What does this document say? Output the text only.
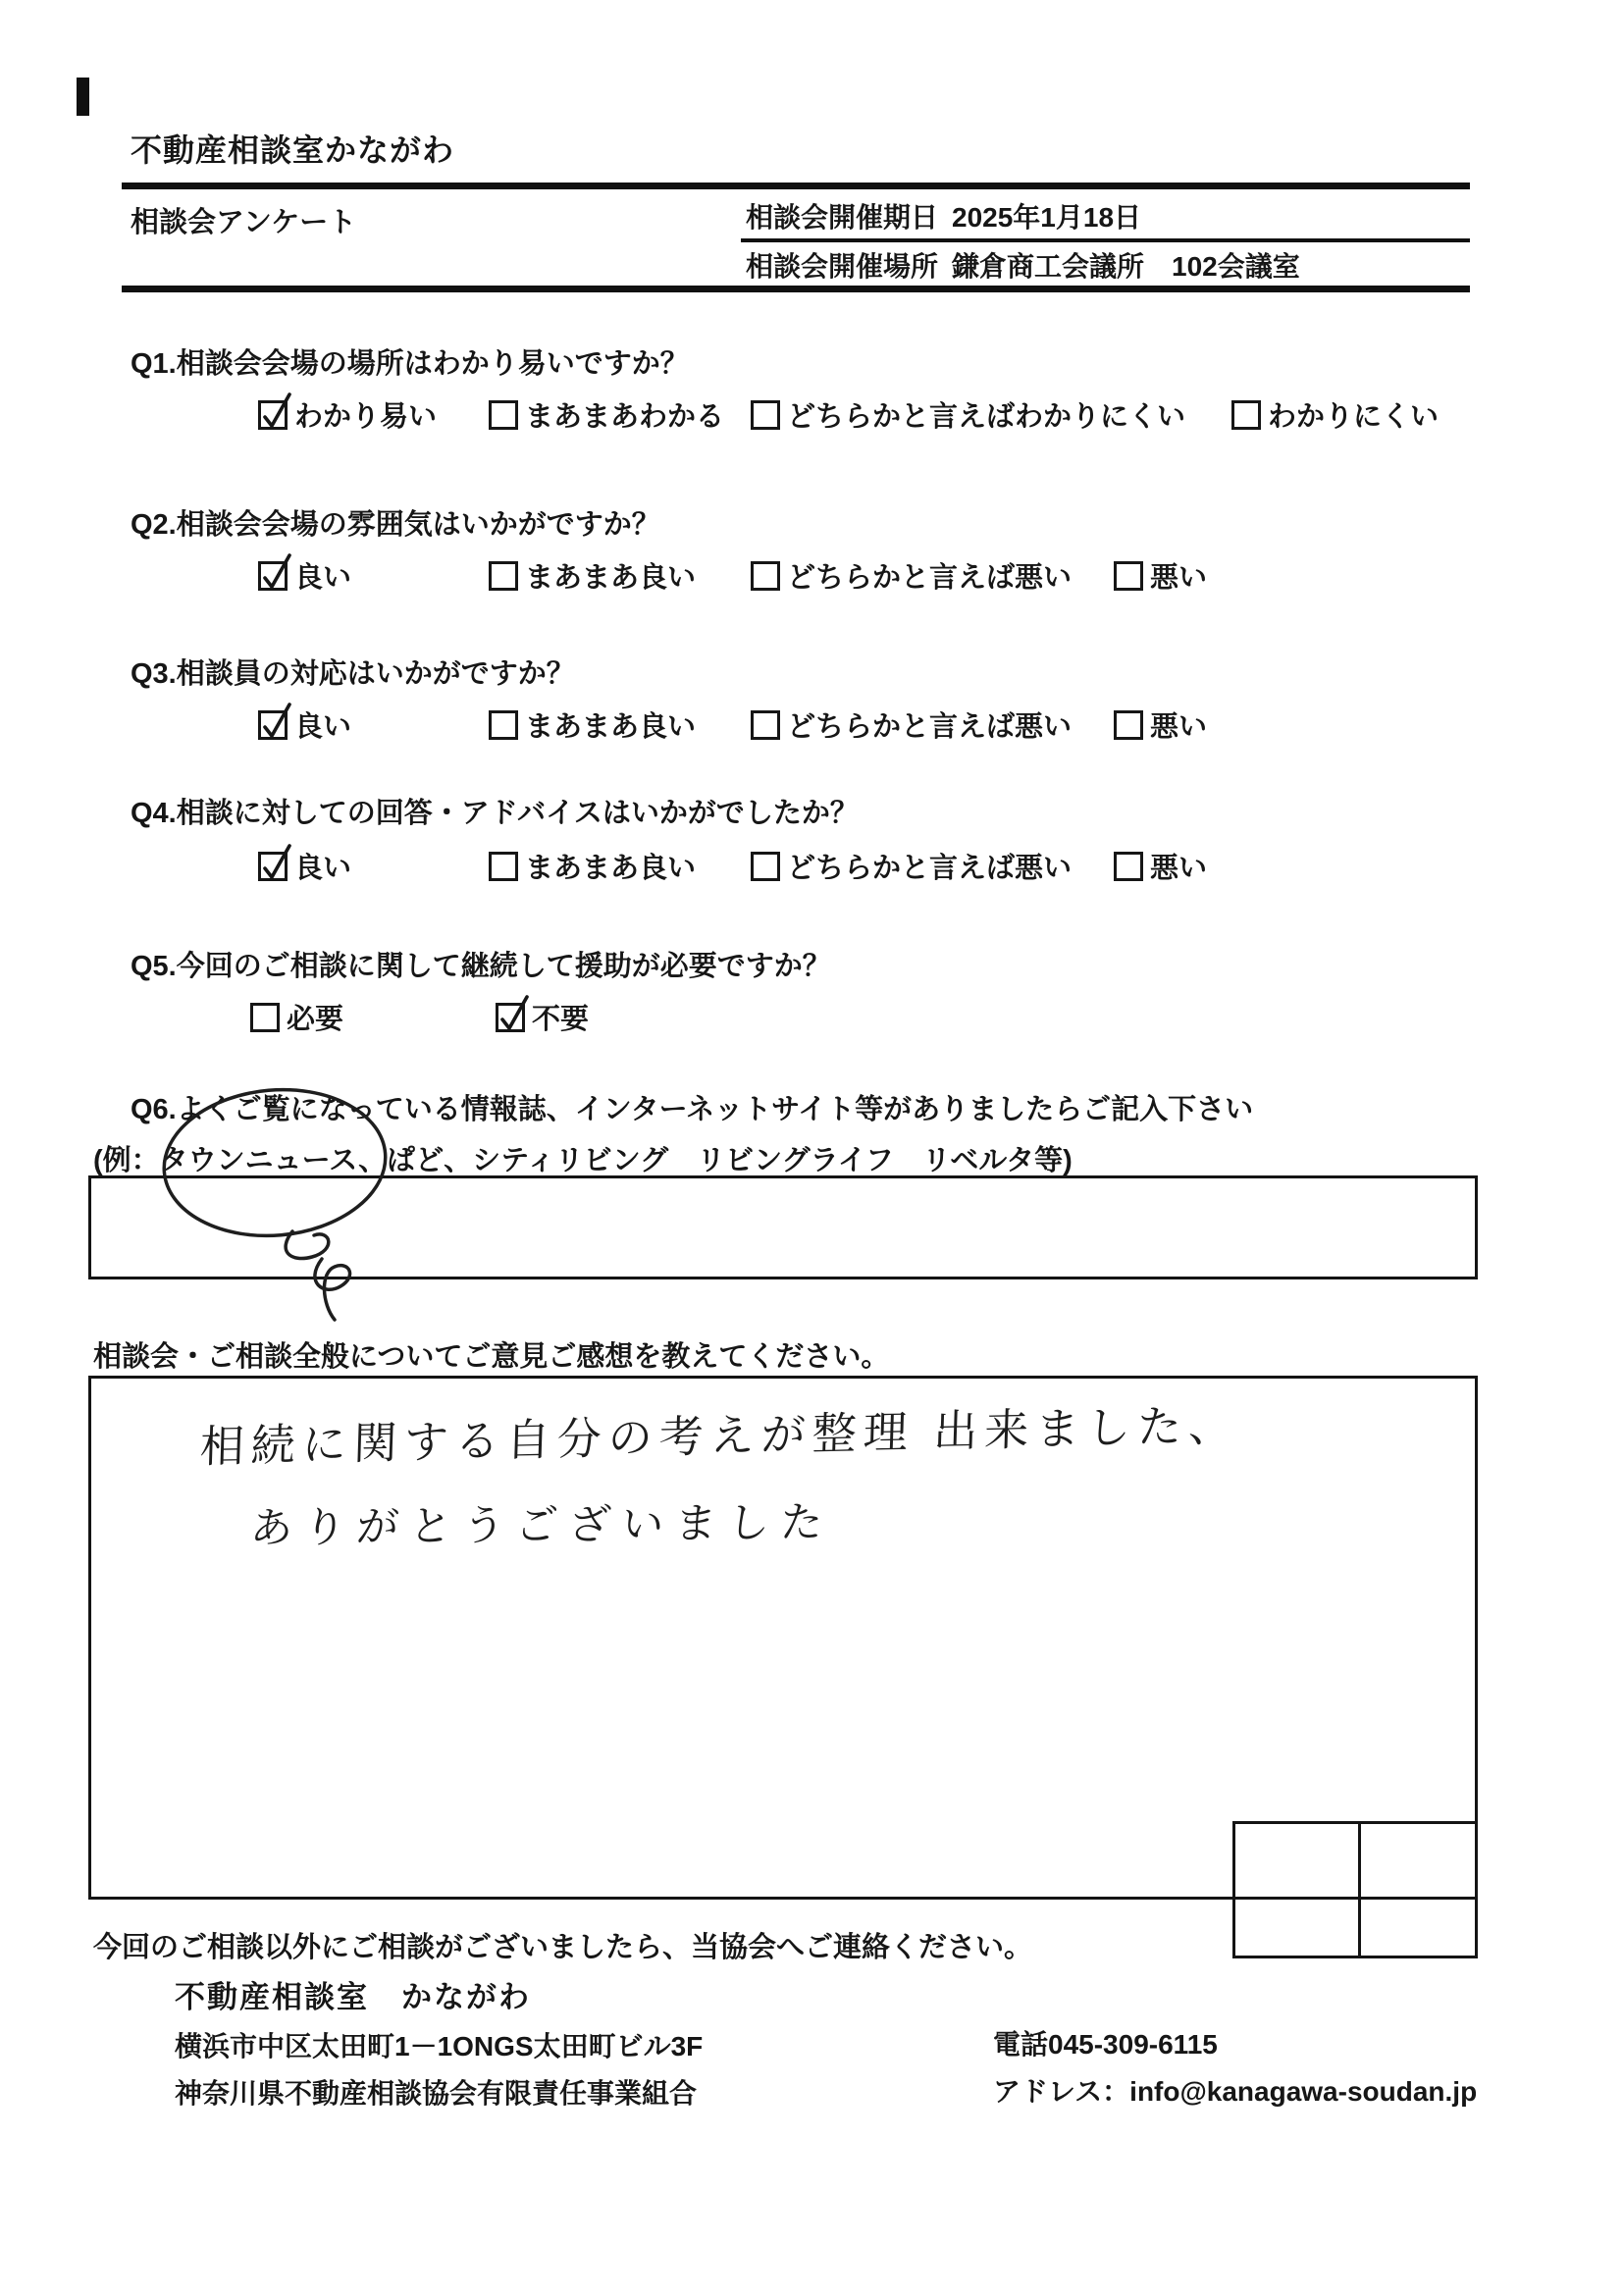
不動産相談室かながわ
相談会アンケート	相談会開催期日 2025年1月18日
相談会開催場所 鎌倉商工会議所　102会議室
Q1.相談会会場の場所はわかり易いですか？
わかり易い	まあまあわかる どちらかと言えばわかりにくい	わかりにくい
Q2.相談会会場の雰囲気はいかがですか？
良い	まあまあ良い	どちらかと言えば悪い	悪い
Q3.相談員の対応はいかがですか？
良い	まあまあ良い	どちらかと言えば悪い	悪い
Q4.相談に対しての回答・アドバイスはいかがでしたか？
良い	まあまあ良い	どちらかと言えば悪い	悪い
Q5.今回のご相談に関して継続して援助が必要ですか？
必要	不要
Q6.よくご覧になっている情報誌、インターネットサイト等がありましたらご記入下さい
(例：タウンニュース、ぱど、シティリビング　リビングライフ　リベルタ等)
相談会・ご相談全般についてご意見ご感想を教えてください。
相続に関する自分の考えが整理 出来ました、
ありがとうございました
今回のご相談以外にご相談がございましたら、当協会へご連絡ください。
不動産相談室　かながわ
横浜市中区太田町1－1ONGS太田町ビル3F	電話045-309-6115
神奈川県不動産相談協会有限責任事業組合	アドレス：info@kanagawa-soudan.jp
